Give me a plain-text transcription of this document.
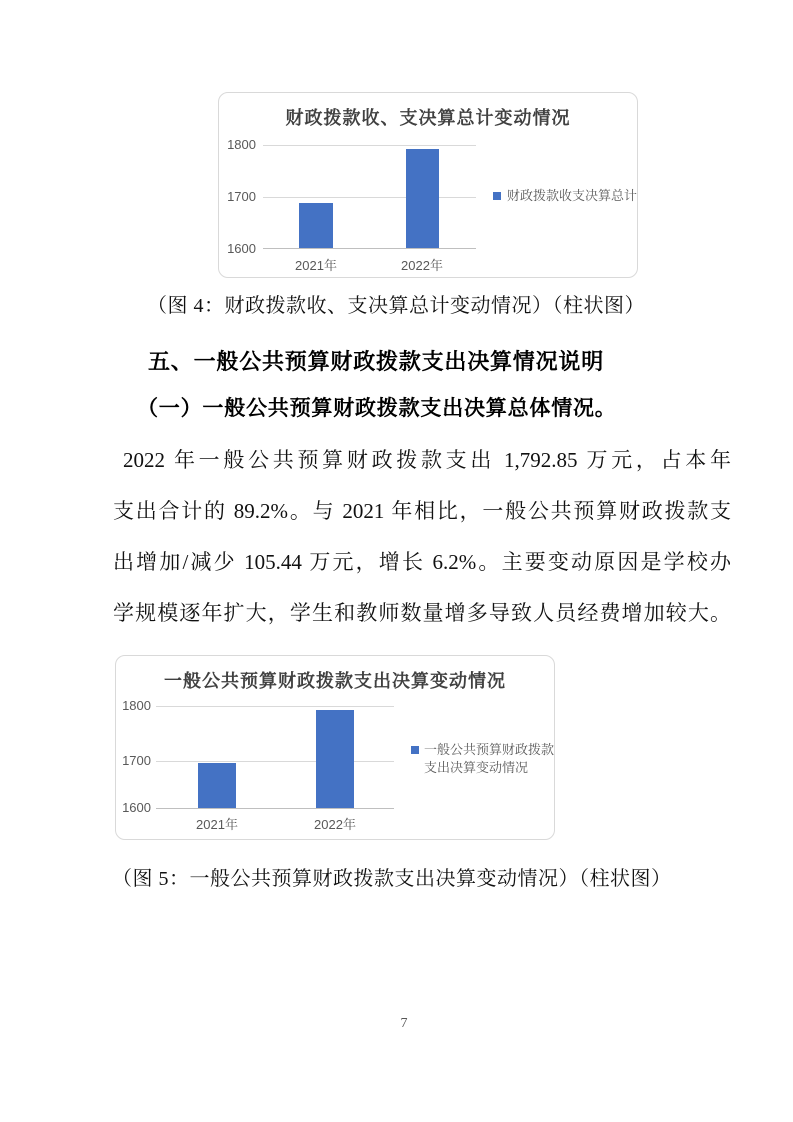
财政拨款收、支决算总计变动情况
1800
1700
1600
2021年	2022年
财政拨款收支决算总计

（图 4：财政拨款收、支决算总计变动情况）（柱状图）

五、一般公共预算财政拨款支出决算情况说明
（一）一般公共预算财政拨款支出决算总体情况。
2022 年一般公共预算财政拨款支出 1,792.85 万元，占本年
支出合计的 89.2%。与 2021 年相比，一般公共预算财政拨款支
出增加/减少 105.44 万元，增长 6.2%。主要变动原因是学校办
学规模逐年扩大，学生和教师数量增多导致人员经费增加较大。
一般公共预算财政拨款支出决算变动情况
1800
1700
1600
2021年	2022年
一般公共预算财政拨款
支出决算变动情况

（图 5：一般公共预算财政拨款支出决算变动情况）（柱状图）

7
